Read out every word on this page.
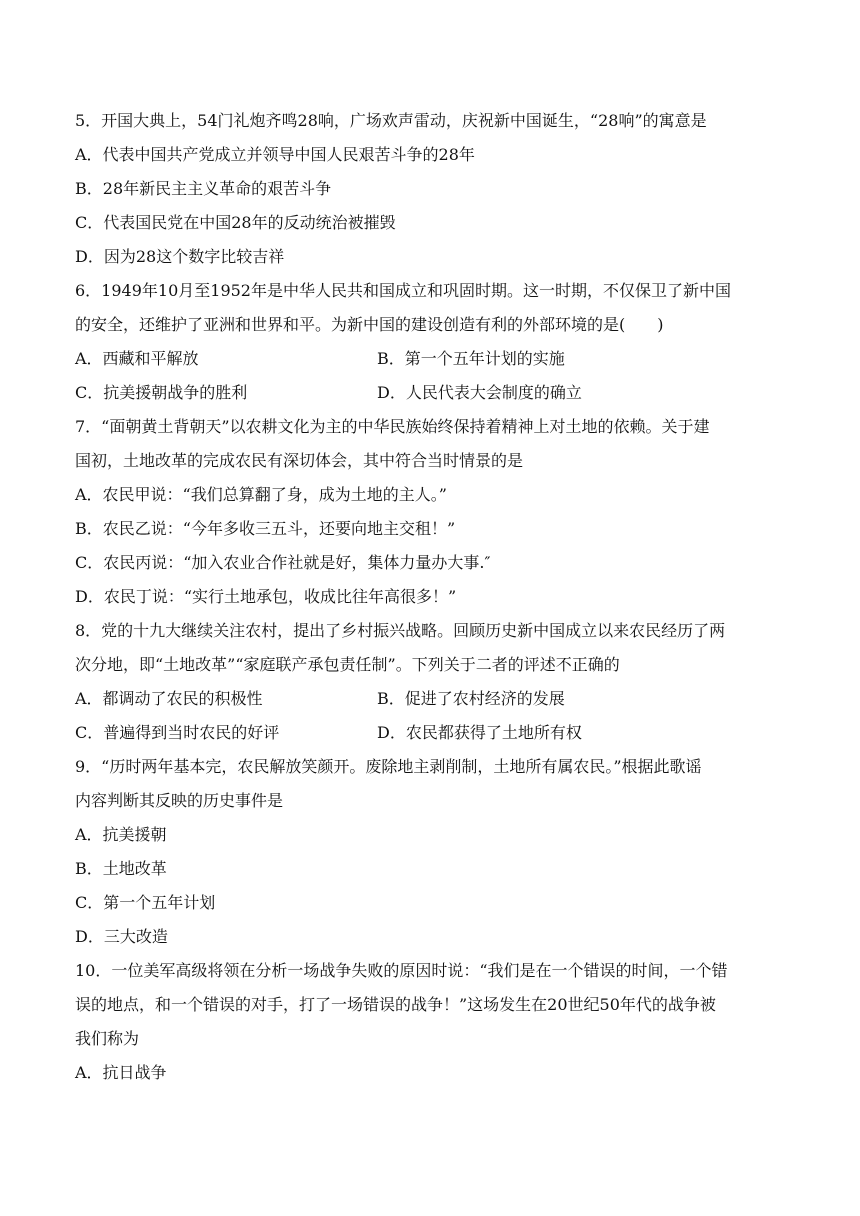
5．开国大典上，54门礼炮齐鸣28响，广场欢声雷动，庆祝新中国诞生，“28响”的寓意是
A．代表中国共产党成立并领导中国人民艰苦斗争的28年
B．28年新民主主义革命的艰苦斗争
C．代表国民党在中国28年的反动统治被摧毁
D．因为28这个数字比较吉祥
6．1949年10月至1952年是中华人民共和国成立和巩固时期。这一时期，不仅保卫了新中国
的安全，还维护了亚洲和世界和平。为新中国的建设创造有利的外部环境的是(　　)
A．西藏和平解放	B．第一个五年计划的实施
C．抗美援朝战争的胜利	D．人民代表大会制度的确立
7．“面朝黄土背朝天”以农耕文化为主的中华民族始终保持着精神上对土地的依赖。关于建
国初，土地改革的完成农民有深切体会，其中符合当时情景的是
A．农民甲说：“我们总算翻了身，成为土地的主人。”
B．农民乙说：“今年多收三五斗，还要向地主交租！”
C．农民丙说：“加入农业合作社就是好，集体力量办大事.″
D．农民丁说：“实行土地承包，收成比往年高很多！”
8．党的十九大继续关注农村，提出了乡村振兴战略。回顾历史新中国成立以来农民经历了两
次分地，即“土地改革”“家庭联产承包责任制”。下列关于二者的评述不正确的
A．都调动了农民的积极性	B．促进了农村经济的发展
C．普遍得到当时农民的好评	D．农民都获得了土地所有权
9．“历时两年基本完，农民解放笑颜开。废除地主剥削制，土地所有属农民。”根据此歌谣
内容判断其反映的历史事件是
A．抗美援朝
B．土地改革
C．第一个五年计划
D．三大改造
10．一位美军高级将领在分析一场战争失败的原因时说：“我们是在一个错误的时间，一个错
误的地点，和一个错误的对手，打了一场错误的战争！”这场发生在20世纪50年代的战争被
我们称为
A．抗日战争
